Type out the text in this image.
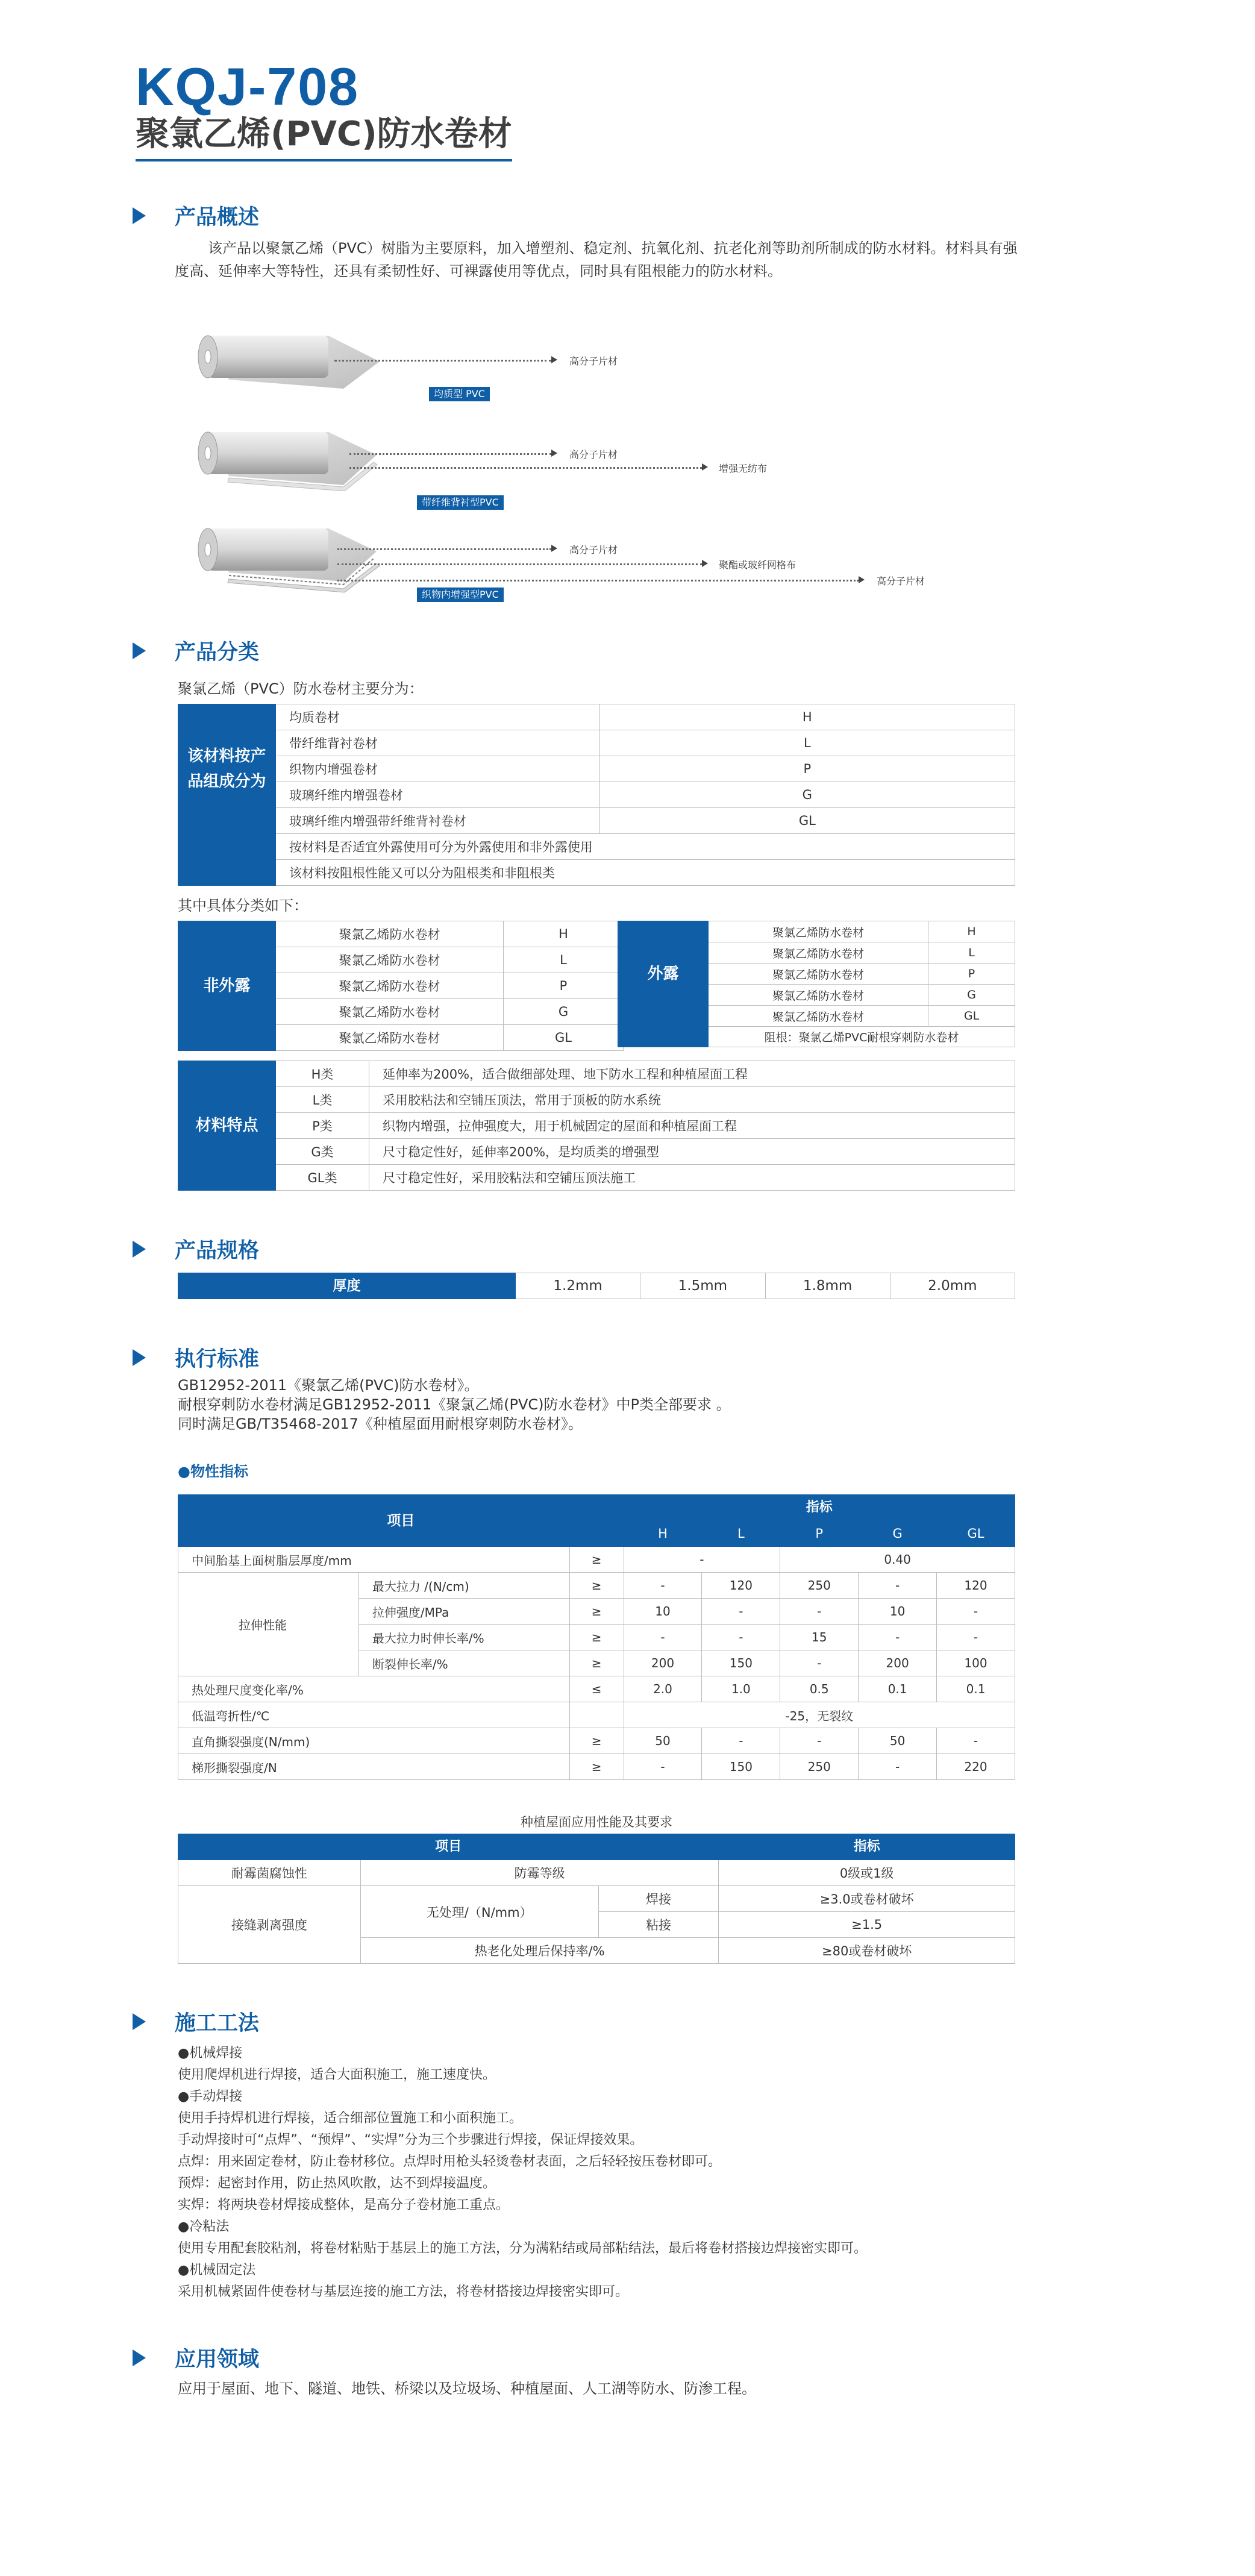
KQJ-708
聚氯乙烯(PVC)防水卷材
产品概述
该产品以聚氯乙烯（PVC）树脂为主要原料，加入增塑剂、稳定剂、抗氧化剂、抗老化剂等助剂所制成的防水材料。材料具有强度高、延伸率大等特性，还具有柔韧性好、可裸露使用等优点，同时具有阻根能力的防水材料。
高分子片材
均质型 PVC
高分子片材
增强无纺布
带纤维背衬型PVC
高分子片材
聚酯或玻纤网格布
高分子片材
织物内增强型PVC
产品分类
聚氯乙烯（PVC）防水卷材主要分为：
该材料按产品组成分为	均质卷材	H
	带纤维背衬卷材	L
	织物内增强卷材	P
	玻璃纤维内增强卷材	G
	玻璃纤维内增强带纤维背衬卷材	GL
	按材料是否适宜外露使用可分为外露使用和非外露使用	
	该材料按阻根性能又可以分为阻根类和非阻根类	
其中具体分类如下：
非外露	聚氯乙烯防水卷材	H
	聚氯乙烯防水卷材	L
	聚氯乙烯防水卷材	P
	聚氯乙烯防水卷材	G
	聚氯乙烯防水卷材	GL
外露	聚氯乙烯防水卷材	H
	聚氯乙烯防水卷材	L
	聚氯乙烯防水卷材	P
	聚氯乙烯防水卷材	G
	聚氯乙烯防水卷材	GL
	阻根：聚氯乙烯PVC耐根穿刺防水卷材	
材料特点	H类	延伸率为200%，适合做细部处理、地下防水工程和种植屋面工程
	L类	采用胶粘法和空铺压顶法，常用于顶板的防水系统
	P类	织物内增强，拉伸强度大，用于机械固定的屋面和种植屋面工程
	G类	尺寸稳定性好，延伸率200%，是均质类的增强型
	GL类	尺寸稳定性好，采用胶粘法和空铺压顶法施工
产品规格
厚度	1.2mm	1.5mm	1.8mm	2.0mm
执行标准
GB12952-2011《聚氯乙烯(PVC)防水卷材》。
耐根穿刺防水卷材满足GB12952-2011《聚氯乙烯(PVC)防水卷材》中P类全部要求 。
同时满足GB/T35468-2017《种植屋面用耐根穿刺防水卷材》。
●物性指标
项目			指标				
			H	L	P	G	GL
中间胎基上面树脂层厚度/mm		≥	-		0.40		
拉伸性能	最大拉力 /(N/cm)	≥	-	120	250	-	120
	拉伸强度/MPa	≥	10	-	-	10	-
	最大拉力时伸长率/%	≥	-	-	15	-	-
	断裂伸长率/%	≥	200	150	-	200	100
热处理尺度变化率/%		≤	2.0	1.0	0.5	0.1	0.1
低温弯折性/℃			-25，无裂纹				
直角撕裂强度(N/mm)		≥	50	-	-	50	-
梯形撕裂强度/N		≥	-	150	250	-	220
种植屋面应用性能及其要求
项目			指标
耐霉菌腐蚀性	防霉等级		0级或1级
接缝剥离强度	无处理/（N/mm）	焊接	≥3.0或卷材破坏
		粘接	≥1.5
	热老化处理后保持率/%		≥80或卷材破坏
施工工法
●机械焊接
使用爬焊机进行焊接，适合大面积施工，施工速度快。
●手动焊接
使用手持焊机进行焊接，适合细部位置施工和小面积施工。
手动焊接时可“点焊”、“预焊”、“实焊”分为三个步骤进行焊接，保证焊接效果。
点焊：用来固定卷材，防止卷材移位。点焊时用枪头轻烫卷材表面，之后轻轻按压卷材即可。
预焊：起密封作用，防止热风吹散，达不到焊接温度。
实焊：将两块卷材焊接成整体，是高分子卷材施工重点。
●冷粘法
使用专用配套胶粘剂，将卷材粘贴于基层上的施工方法，分为满粘结或局部粘结法，最后将卷材搭接边焊接密实即可。
●机械固定法
采用机械紧固件使卷材与基层连接的施工方法，将卷材搭接边焊接密实即可。
应用领域
应用于屋面、地下、隧道、地铁、桥梁以及垃圾场、种植屋面、人工湖等防水、防渗工程。
